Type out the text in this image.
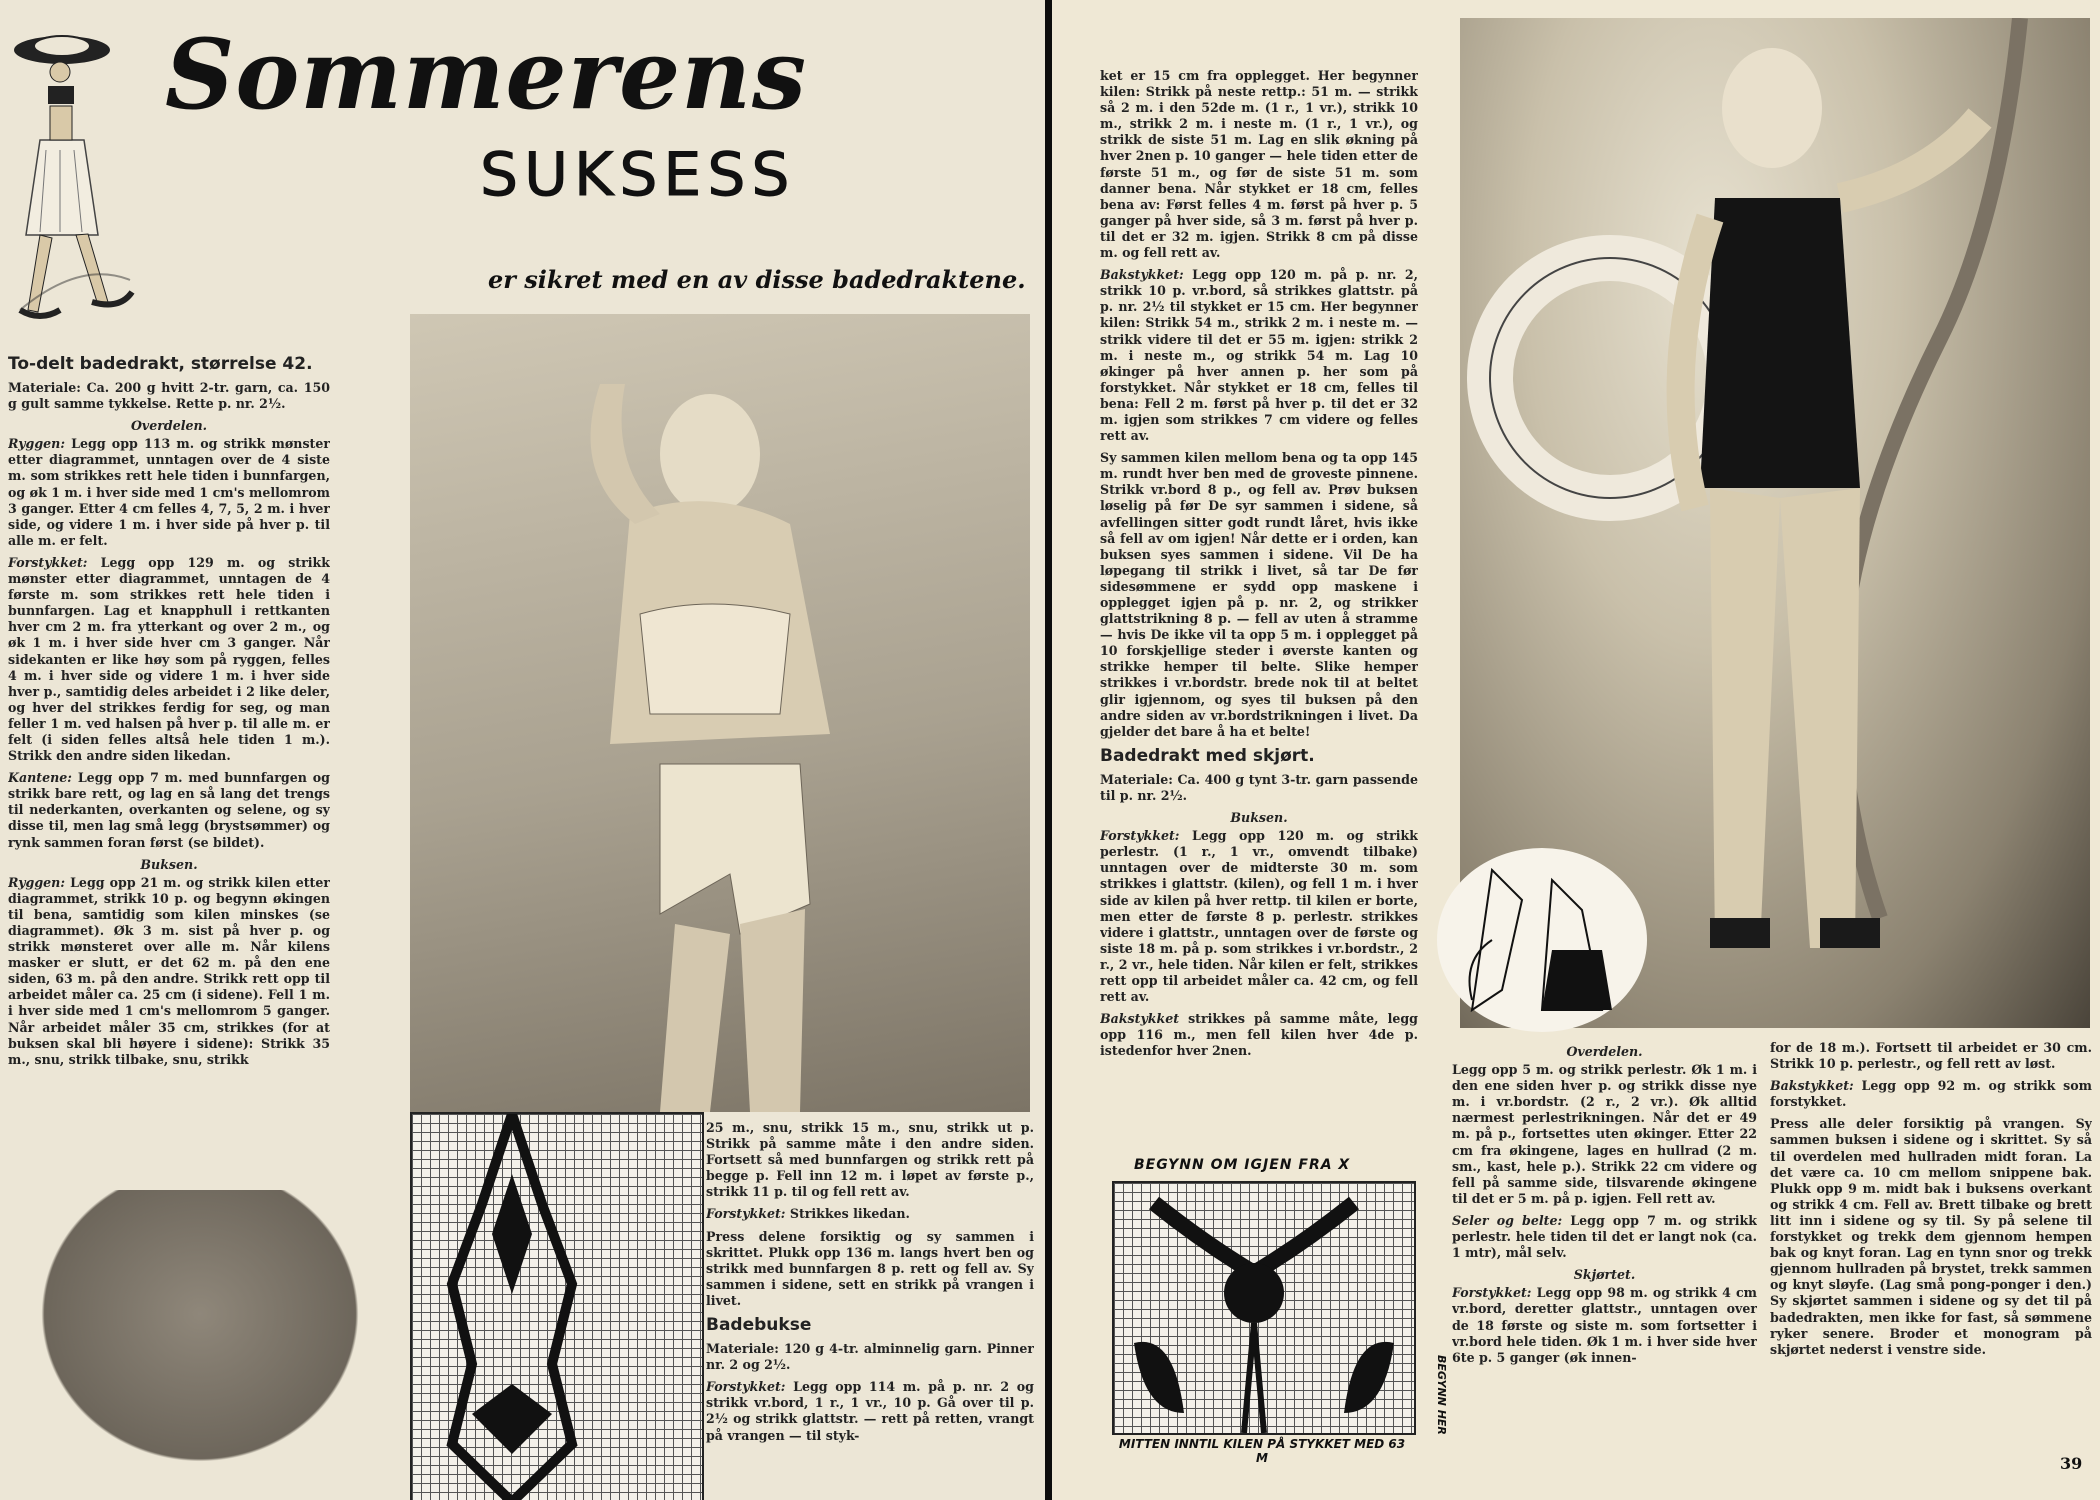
Sommerens
SUKSESS
er sikret med en av disse badedraktene.
To-delt badedrakt, størrelse 42.

Materiale: Ca. 200 g hvitt 2-tr. garn, ca. 150 g gult samme tykkelse. Rette p. nr. 2½.

Overdelen.

Ryggen: Legg opp 113 m. og strikk mønster etter diagrammet, unntagen over de 4 siste m. som strikkes rett hele tiden i bunnfargen, og øk 1 m. i hver side med 1 cm's mellomrom 3 ganger. Etter 4 cm felles 4, 7, 5, 2 m. i hver side, og videre 1 m. i hver side på hver p. til alle m. er felt.

Forstykket: Legg opp 129 m. og strikk mønster etter diagrammet, unntagen de 4 første m. som strikkes rett hele tiden i bunnfargen. Lag et knapphull i rettkanten hver cm 2 m. fra ytterkant og over 2 m., og øk 1 m. i hver side hver cm 3 ganger. Når sidekanten er like høy som på ryggen, felles 4 m. i hver side og videre 1 m. i hver side hver p., samtidig deles arbeidet i 2 like deler, og hver del strikkes ferdig for seg, og man feller 1 m. ved halsen på hver p. til alle m. er felt (i siden felles altså hele tiden 1 m.). Strikk den andre siden likedan.

Kantene: Legg opp 7 m. med bunnfargen og strikk bare rett, og lag en så lang det trengs til nederkanten, overkanten og selene, og sy disse til, men lag små legg (brystsømmer) og rynk sammen foran først (se bildet).

Buksen.

Ryggen: Legg opp 21 m. og strikk kilen etter diagrammet, strikk 10 p. og begynn økingen til bena, samtidig som kilen minskes (se diagrammet). Øk 3 m. sist på hver p. og strikk mønsteret over alle m. Når kilens masker er slutt, er det 62 m. på den ene siden, 63 m. på den andre. Strikk rett opp til arbeidet måler ca. 25 cm (i sidene). Fell 1 m. i hver side med 1 cm's mellomrom 5 ganger. Når arbeidet måler 35 cm, strikkes (for at buksen skal bli høyere i sidene): Strikk 35 m., snu, strikk tilbake, snu, strikk

25 m., snu, strikk 15 m., snu, strikk ut p. Strikk på samme måte i den andre siden. Fortsett så med bunnfargen og strikk rett på begge p. Fell inn 12 m. i løpet av første p., strikk 11 p. til og fell rett av.

Forstykket: Strikkes likedan.

Press delene forsiktig og sy sammen i skrittet. Plukk opp 136 m. langs hvert ben og strikk med bunnfargen 8 p. rett og fell av. Sy sammen i sidene, sett en strikk på vrangen i livet.

Badebukse

Materiale: 120 g 4-tr. alminnelig garn. Pinner nr. 2 og 2½.

Forstykket: Legg opp 114 m. på p. nr. 2 og strikk vr.bord, 1 r., 1 vr., 10 p. Gå over til p. 2½ og strikk glattstr. — rett på retten, vrangt på vrangen — til styk-

ket er 15 cm fra opplegget. Her begynner kilen: Strikk på neste rettp.: 51 m. — strikk så 2 m. i den 52de m. (1 r., 1 vr.), strikk 10 m., strikk 2 m. i neste m. (1 r., 1 vr.), og strikk de siste 51 m. Lag en slik økning på hver 2nen p. 10 ganger — hele tiden etter de første 51 m., og før de siste 51 m. som danner bena. Når stykket er 18 cm, felles bena av: Først felles 4 m. først på hver p. 5 ganger på hver side, så 3 m. først på hver p. til det er 32 m. igjen. Strikk 8 cm på disse m. og fell rett av.

Bakstykket: Legg opp 120 m. på p. nr. 2, strikk 10 p. vr.bord, så strikkes glattstr. på p. nr. 2½ til stykket er 15 cm. Her begynner kilen: Strikk 54 m., strikk 2 m. i neste m. — strikk videre til det er 55 m. igjen: strikk 2 m. i neste m., og strikk 54 m. Lag 10 økinger på hver annen p. her som på forstykket. Når stykket er 18 cm, felles til bena: Fell 2 m. først på hver p. til det er 32 m. igjen som strikkes 7 cm videre og felles rett av.

Sy sammen kilen mellom bena og ta opp 145 m. rundt hver ben med de groveste pinnene. Strikk vr.bord 8 p., og fell av. Prøv buksen løselig på før De syr sammen i sidene, så avfellingen sitter godt rundt låret, hvis ikke så fell av om igjen! Når dette er i orden, kan buksen syes sammen i sidene. Vil De ha løpegang til strikk i livet, så tar De før sidesømmene er sydd opp maskene i opplegget igjen på p. nr. 2, og strikker glattstrikning 8 p. — fell av uten å stramme — hvis De ikke vil ta opp 5 m. i opplegget på 10 forskjellige steder i øverste kanten og strikke hemper til belte. Slike hemper strikkes i vr.bordstr. brede nok til at beltet glir igjennom, og syes til buksen på den andre siden av vr.bordstrikningen i livet. Da gjelder det bare å ha et belte!

Badedrakt med skjørt.

Materiale: Ca. 400 g tynt 3-tr. garn passende til p. nr. 2½.

Buksen.

Forstykket: Legg opp 120 m. og strikk perlestr. (1 r., 1 vr., omvendt tilbake) unntagen over de midterste 30 m. som strikkes i glattstr. (kilen), og fell 1 m. i hver side av kilen på hver rettp. til kilen er borte, men etter de første 8 p. perlestr. strikkes videre i glattstr., unntagen over de første og siste 18 m. på p. som strikkes i vr.bordstr., 2 r., 2 vr., hele tiden. Når kilen er felt, strikkes rett opp til arbeidet måler ca. 42 cm, og fell rett av.

Bakstykket strikkes på samme måte, legg opp 116 m., men fell kilen hver 4de p. istedenfor hver 2nen.

BEGYNN OM IGJEN FRA X
MITTEN INNTIL KILEN PÅ STYKKET MED 63 M
BEGYNN HER
Overdelen.

Legg opp 5 m. og strikk perlestr. Øk 1 m. i den ene siden hver p. og strikk disse nye m. i vr.bordstr. (2 r., 2 vr.). Øk alltid nærmest perlestrikningen. Når det er 49 m. på p., fortsettes uten økinger. Etter 22 cm fra økingene, lages en hullrad (2 m. sm., kast, hele p.). Strikk 22 cm videre og fell på samme side, tilsvarende økingene til det er 5 m. på p. igjen. Fell rett av.

Seler og belte: Legg opp 7 m. og strikk perlestr. hele tiden til det er langt nok (ca. 1 mtr), mål selv.

Skjørtet.

Forstykket: Legg opp 98 m. og strikk 4 cm vr.bord, deretter glattstr., unntagen over de 18 første og siste m. som fortsetter i vr.bord hele tiden. Øk 1 m. i hver side hver 6te p. 5 ganger (øk innen-

for de 18 m.). Fortsett til arbeidet er 30 cm. Strikk 10 p. perlestr., og fell rett av løst.

Bakstykket: Legg opp 92 m. og strikk som forstykket.

Press alle deler forsiktig på vrangen. Sy sammen buksen i sidene og i skrittet. Sy så til overdelen med hullraden midt foran. La det være ca. 10 cm mellom snippene bak. Plukk opp 9 m. midt bak i buksens overkant og strikk 4 cm. Fell av. Brett tilbake og brett litt inn i sidene og sy til. Sy på selene til forstykket og trekk dem gjennom hempen bak og knyt foran. Lag en tynn snor og trekk gjennom hullraden på brystet, trekk sammen og knyt sløyfe. (Lag små pong-ponger i den.) Sy skjørtet sammen i sidene og sy det til på badedrakten, men ikke for fast, så sømmene ryker senere. Broder et monogram på skjørtet nederst i venstre side.

39
